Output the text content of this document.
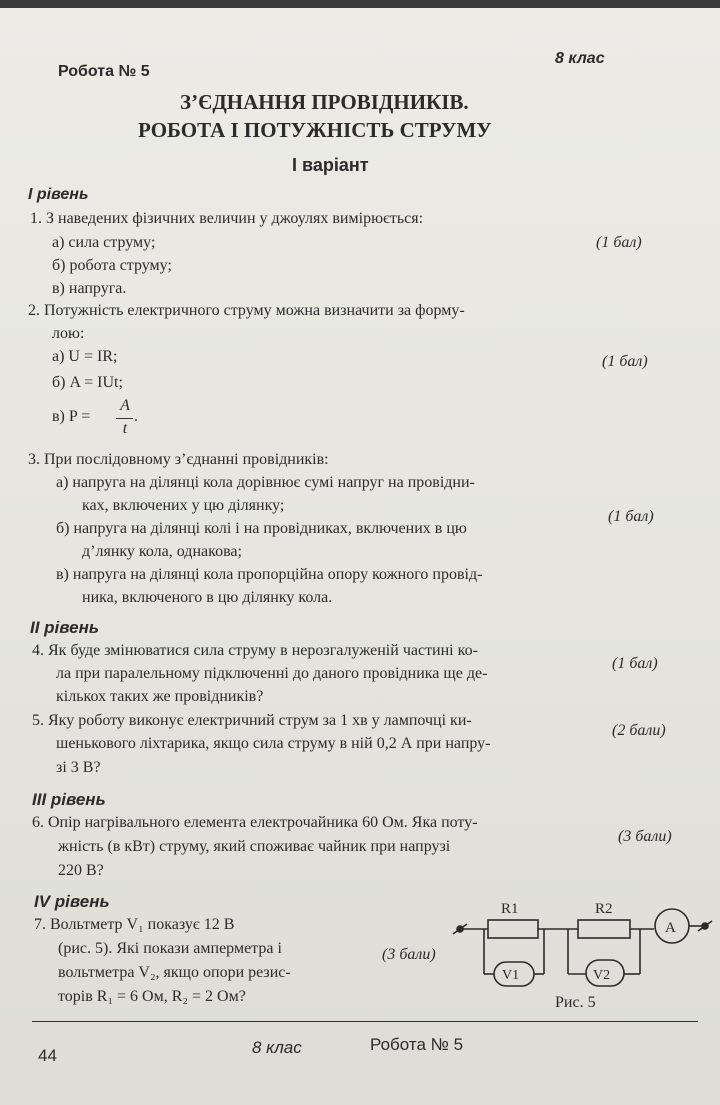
Робота № 5
8 клас
З’ЄДНАННЯ ПРОВІДНИКІВ.
РОБОТА І ПОТУЖНІСТЬ СТРУМУ
І варіант
І рівень
1. З наведених фізичних величин у джоулях вимірюється:
а) сила струму;	(1 бал)
б) робота струму;
в) напруга.
2. Потужність електричного струму можна визначити за форму-
лою:
а) U = IR;	(1 бал)
б) A = IUt;
в) P =
A
t
.
3. При послідовному з’єднанні провідників:
а) напруга на ділянці кола дорівнює сумі напруг на провідни-
ках, включених у цю ділянку;
б) напруга на ділянці колі і на провідниках, включених в цю
(1 бал)
д’лянку кола, однакова;
в) напруга на ділянці кола пропорційна опору кожного провід-
ника, включеного в цю ділянку кола.
ІІ рівень
4. Як буде змінюватися сила струму в нерозгалуженій частині ко-
ла при паралельному підключенні до даного провідника ще де-
(1 бал)
кількох таких же провідників?
5. Яку роботу виконує електричний струм за 1 хв у лампочці ки-
шенькового ліхтарика, якщо сила струму в ній 0,2 А при напру-
(2 бали)
зі 3 В?
ІІІ рівень
6. Опір нагрівального елемента електрочайника 60 Ом. Яка поту-
жність (в кВт) струму, який споживає чайник при напрузі
(3 бали)
220 В?
IV рівень
7. Вольтметр V₁ показує 12 В
(рис. 5). Які покази амперметра і
вольтметра V₂, якщо опори резис-
торів R₁ = 6 Ом, R₂ = 2 Ом?
(3 бали)
R1	R2
A
V1	V2
Рис. 5
44	8 клас	Робота № 5
